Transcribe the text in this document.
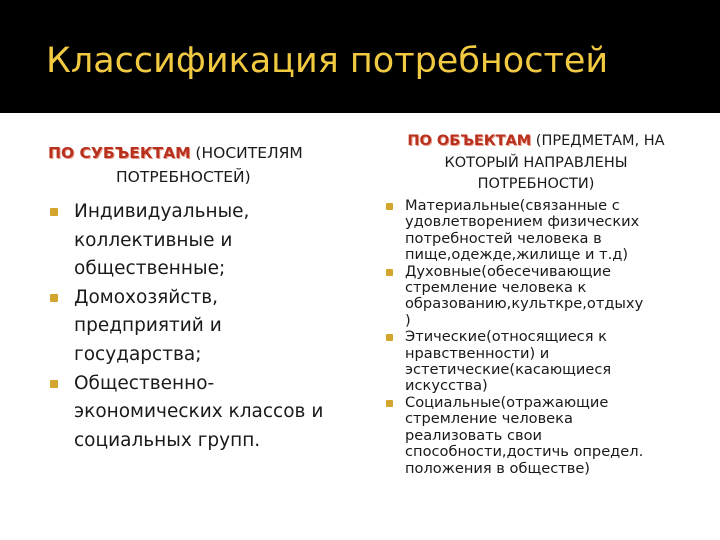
Классификация потребностей
ПО СУБЪЕКТАМ (НОСИТЕЛЯМ
ПОТРЕБНОСТЕЙ)
Индивидуальные,
коллективные и
общественные;
Домохозяйств,
предприятий и
государства;
Общественно-
экономических классов и
социальных групп.
ПО ОБЪЕКТАМ (ПРЕДМЕТАМ, НА
КОТОРЫЙ НАПРАВЛЕНЫ
ПОТРЕБНОСТИ)
Материальные(связанные с
удовлетворением физических
потребностей человека в
пище,одежде,жилище и т.д)
Духовные(обесечивающие
стремление человека к
образованию,культкре,отдыху
)
Этические(относящиеся к
нравственности) и
эстетические(касающиеся
искусства)
Социальные(отражающие
стремление человека
реализовать свои
способности,достичь определ.
положения в обществе)
